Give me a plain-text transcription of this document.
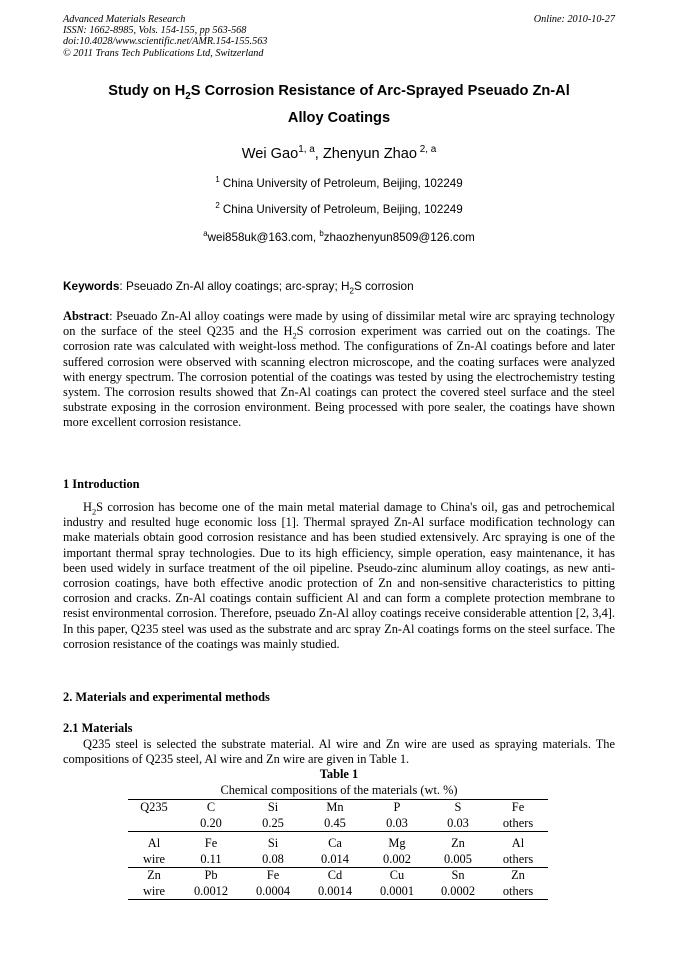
Advanced Materials Research
ISSN: 1662-8985, Vols. 154-155, pp 563-568
doi:10.4028/www.scientific.net/AMR.154-155.563
© 2011 Trans Tech Publications Ltd, Switzerland
Online: 2010-10-27
Study on $H_2S$ Corrosion Resistance of Arc-Sprayed Pseuado Zn-Al
Alloy Coatings
Wei Gao$^{1, a}$, Zhenyun Zhao $^{2, a}$
$^1$ China University of Petroleum, Beijing, 102249
$^2$ China University of Petroleum, Beijing, 102249
$^a$wei858uk@163.com, $^b$zhaozhenyun8509@126.com
Keywords: Pseuado Zn-Al alloy coatings; arc-spray; $H_2S$ corrosion
Abstract: Pseuado Zn-Al alloy coatings were made by using of dissimilar metal wire arc spraying technology on the surface of the steel Q235 and the $H_2S$ corrosion experiment was carried out on the coatings. The corrosion rate was calculated with weight-loss method. The configurations of Zn-Al coatings before and later suffered corrosion were observed with scanning electron microscope, and the coating surfaces were analyzed with energy spectrum. The corrosion potential of the coatings was tested by using the electrochemistry testing system. The corrosion results showed that Zn-Al coatings can protect the covered steel surface and the steel substrate exposing in the corrosion environment. Being processed with pore sealer, the coatings have shown more excellent corrosion resistance.
1 Introduction
$H_2S$ corrosion has become one of the main metal material damage to China's oil, gas and petrochemical industry and resulted huge economic loss [1]. Thermal sprayed Zn-Al surface modification technology can make materials obtain good corrosion resistance and has been studied extensively. Arc spraying is one of the important thermal spray technologies. Due to its high efficiency, simple operation, easy maintenance, it has been used widely in surface treatment of the oil pipeline. Pseudo-zinc aluminum alloy coatings, as new anti-corrosion coatings, have both effective anodic protection of Zn and non-sensitive characteristics to pitting corrosion and cracks. Zn-Al coatings contain sufficient Al and can form a complete protection membrane to resist environmental corrosion. Therefore, pseuado Zn-Al alloy coatings receive considerable attention [2, 3,4]. In this paper, Q235 steel was used as the substrate and arc spray Zn-Al coatings forms on the steel surface. The corrosion resistance of the coatings was mainly studied.
2. Materials and experimental methods
2.1 Materials
Q235 steel is selected the substrate material. Al wire and Zn wire are used as spraying materials. The compositions of Q235 steel, Al wire and Zn wire are given in Table 1.
Table 1
Chemical compositions of the materials (wt. %)
Q235	C	Si	Mn	P	S	Fe
	0.20	0.25	0.45	0.03	0.03	others
Al	Fe	Si	Ca	Mg	Zn	Al
wire	0.11	0.08	0.014	0.002	0.005	others
Zn	Pb	Fe	Cd	Cu	Sn	Zn
wire	0.0012	0.0004	0.0014	0.0001	0.0002	others
